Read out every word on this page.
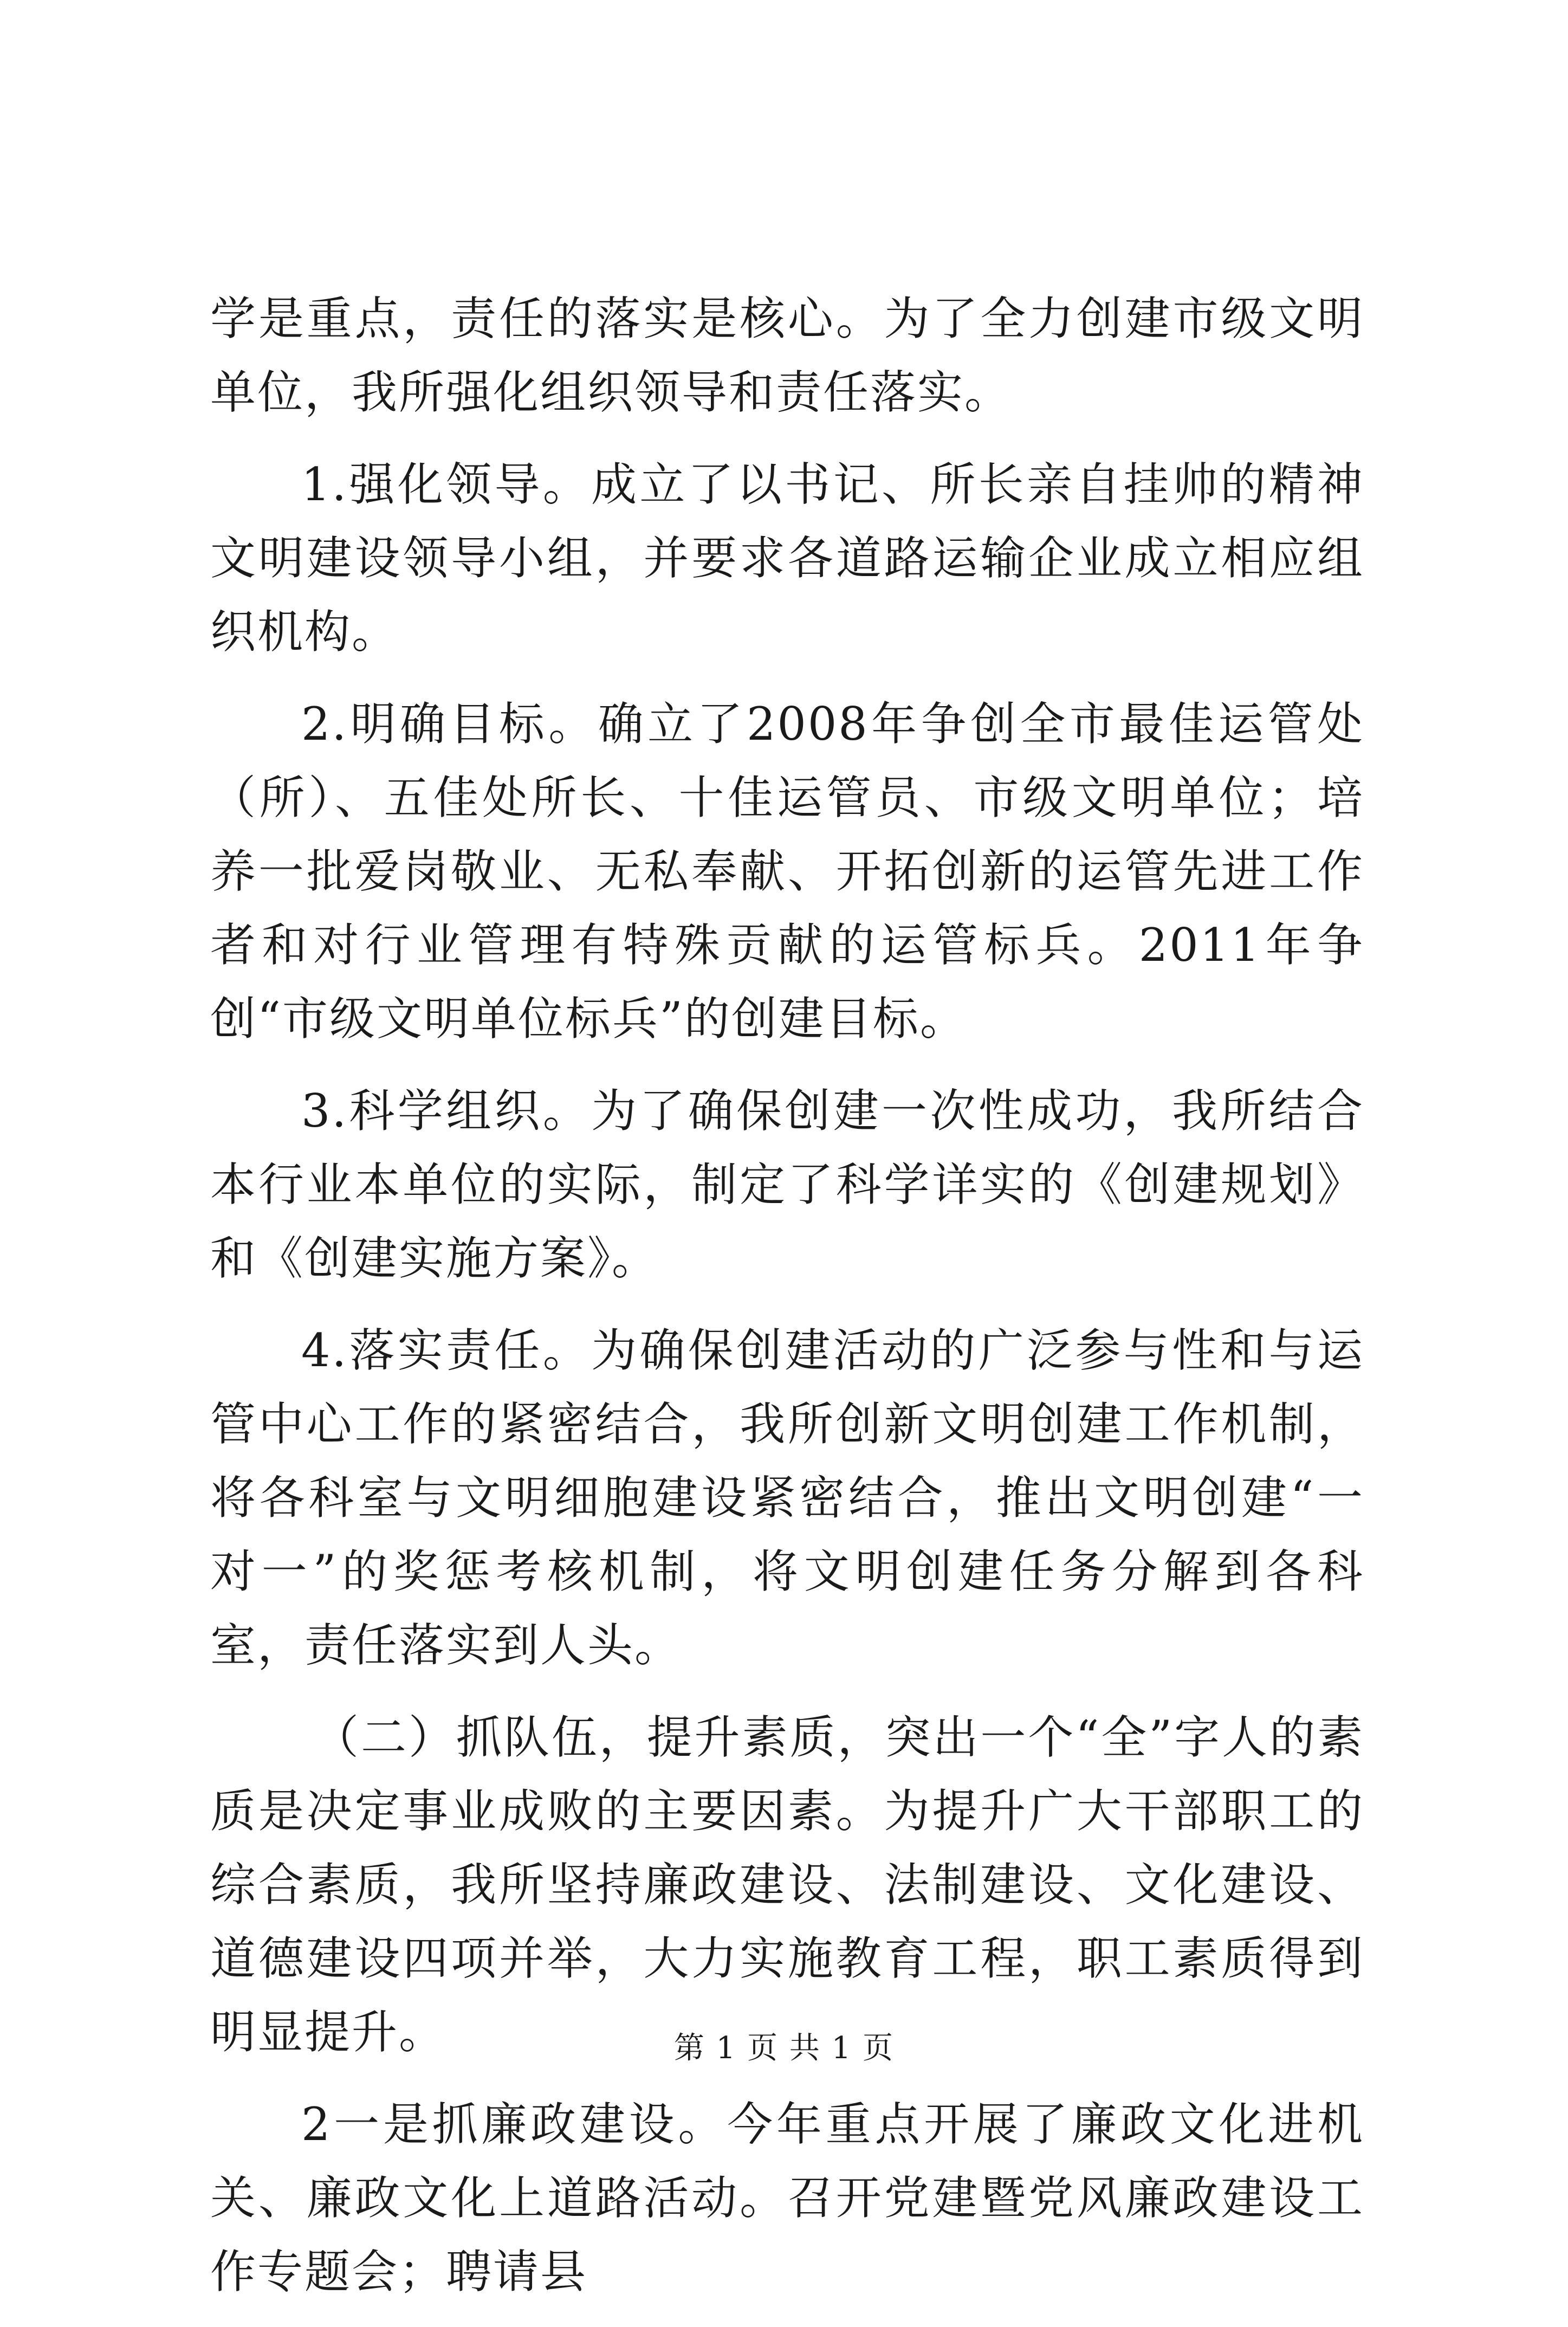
学是重点，责任的落实是核心。为了全力创建市级文明单位，我所强化组织领导和责任落实。

1.强化领导。成立了以书记、所长亲自挂帅的精神文明建设领导小组，并要求各道路运输企业成立相应组织机构。

2.明确目标。确立了2008年争创全市最佳运管处（所）、五佳处所长、十佳运管员、市级文明单位；培养一批爱岗敬业、无私奉献、开拓创新的运管先进工作者和对行业管理有特殊贡献的运管标兵。2011年争创“市级文明单位标兵”的创建目标。

3.科学组织。为了确保创建一次性成功，我所结合本行业本单位的实际，制定了科学详实的《创建规划》和《创建实施方案》。

4.落实责任。为确保创建活动的广泛参与性和与运管中心工作的紧密结合，我所创新文明创建工作机制，将各科室与文明细胞建设紧密结合，推出文明创建“一对一”的奖惩考核机制，将文明创建任务分解到各科室，责任落实到人头。

（二）抓队伍，提升素质，突出一个“全”字人的素质是决定事业成败的主要因素。为提升广大干部职工的综合素质，我所坚持廉政建设、法制建设、文化建设、道德建设四项并举，大力实施教育工程，职工素质得到明显提升。

2一是抓廉政建设。今年重点开展了廉政文化进机关、廉政文化上道路活动。召开党建暨党风廉政建设工作专题会；聘请县

第 1 页 共 1 页
